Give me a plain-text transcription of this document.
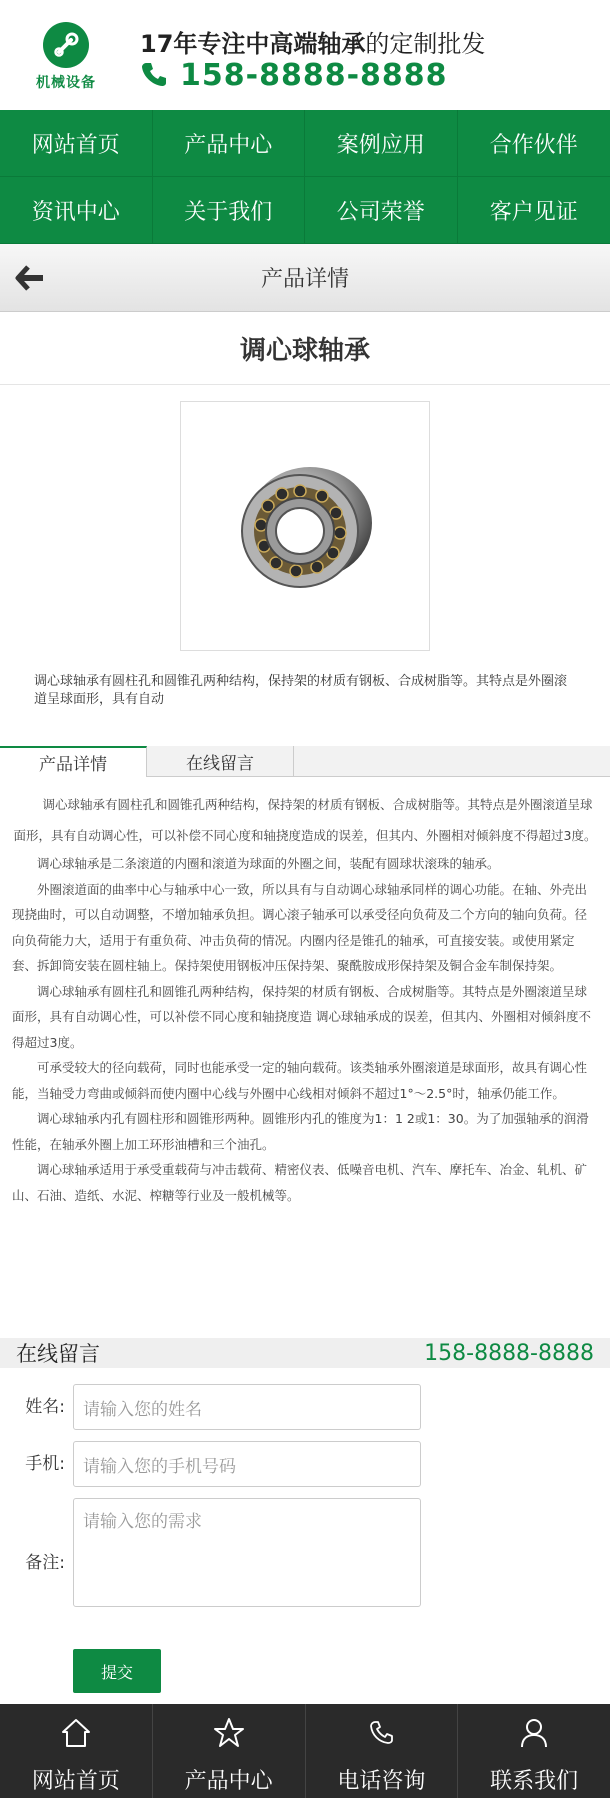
机械设备
17年专注中高端轴承的定制批发
158-8888-8888
网站首页	产品中心	案例应用	合作伙伴
资讯中心	关于我们	公司荣誉	客户见证
产品详情
调心球轴承
调心球轴承有圆柱孔和圆锥孔两种结构，保持架的材质有钢板、合成树脂等。其特点是外圈滚道呈球面形，具有自动
产品详情	在线留言

调心球轴承有圆柱孔和圆锥孔两种结构，保持架的材质有钢板、合成树脂等。其特点是外圈滚道呈球面形，具有自动调心性，可以补偿不同心度和轴挠度造成的误差，但其内、外圈相对倾斜度不得超过3度。

调心球轴承是二条滚道的内圈和滚道为球面的外圈之间，装配有圆球状滚珠的轴承。

外圈滚道面的曲率中心与轴承中心一致，所以具有与自动调心球轴承同样的调心功能。在轴、外壳出现挠曲时，可以自动调整，不增加轴承负担。调心滚子轴承可以承受径向负荷及二个方向的轴向负荷。径向负荷能力大，适用于有重负荷、冲击负荷的情况。内圈内径是锥孔的轴承，可直接安装。或使用紧定套、拆卸筒安装在圆柱轴上。保持架使用钢板冲压保持架、聚酰胺成形保持架及铜合金车制保持架。

调心球轴承有圆柱孔和圆锥孔两种结构，保持架的材质有钢板、合成树脂等。其特点是外圈滚道呈球面形，具有自动调心性，可以补偿不同心度和轴挠度造 调心球轴承成的误差，但其内、外圈相对倾斜度不得超过3度。

可承受较大的径向载荷，同时也能承受一定的轴向载荷。该类轴承外圈滚道是球面形，故具有调心性能，当轴受力弯曲或倾斜而使内圈中心线与外圈中心线相对倾斜不超过1°～2.5°时，轴承仍能工作。

调心球轴承内孔有圆柱形和圆锥形两种。圆锥形内孔的锥度为1：1 2或1：30。为了加强轴承的润滑性能，在轴承外圈上加工环形油槽和三个油孔。

调心球轴承适用于承受重载荷与冲击载荷、精密仪表、低噪音电机、汽车、摩托车、冶金、轧机、矿山、石油、造纸、水泥、榨糖等行业及一般机械等。

在线留言	158-8888-8888
姓名:	请输入您的姓名
手机:	请输入您的手机号码
备注:
请输入您的需求
提交
网站首页	产品中心	电话咨询	联系我们
